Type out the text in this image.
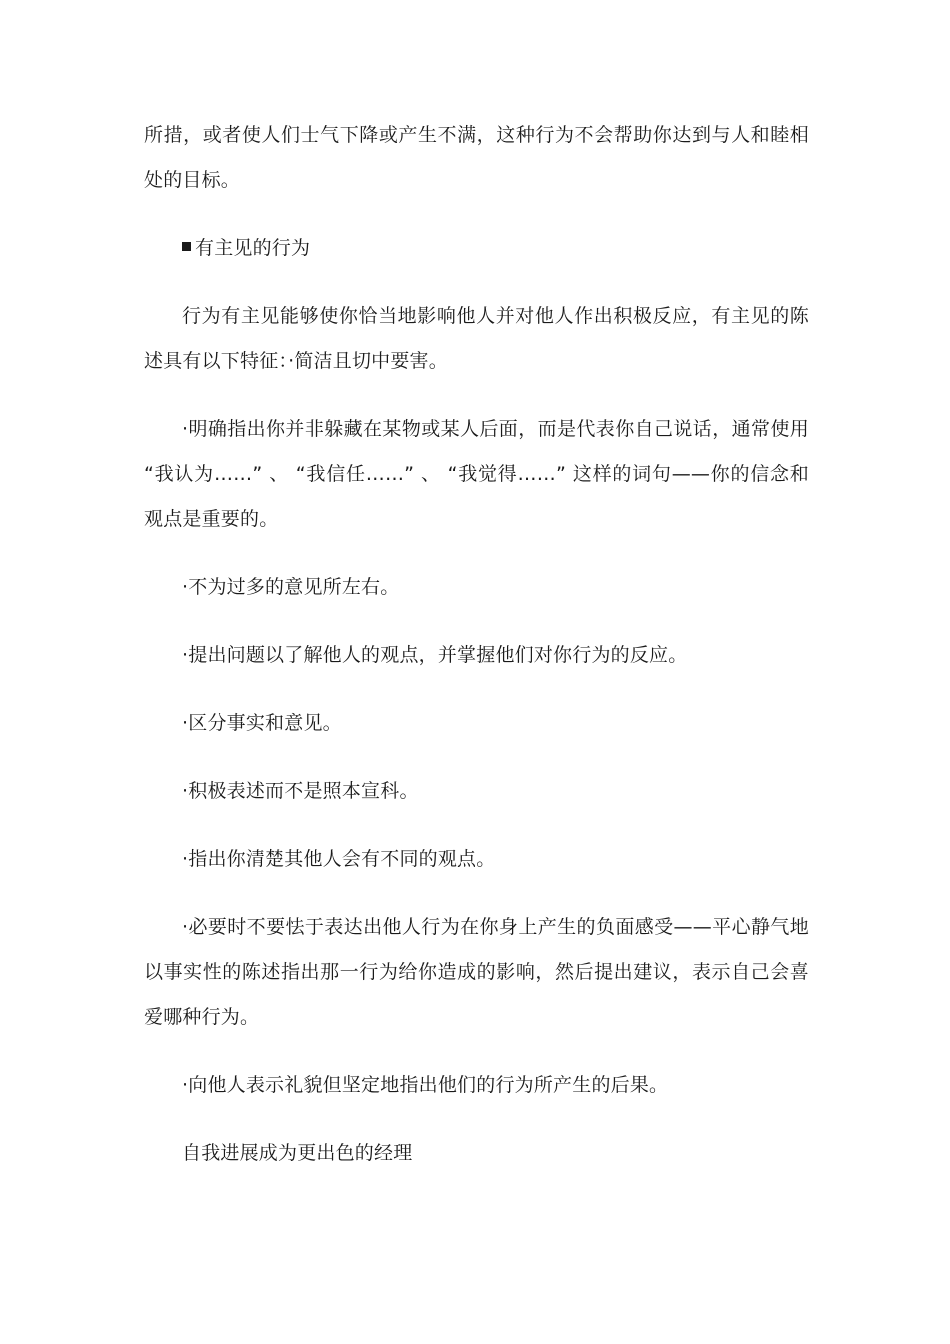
所措，或者使人们士气下降或产生不满，这种行为不会帮助你达到与人和睦相处的目标。

有主见的行为

行为有主见能够使你恰当地影响他人并对他人作出积极反应，有主见的陈述具有以下特征：·简洁且切中要害。

·明确指出你并非躲藏在某物或某人后面，而是代表你自己说话，通常使用 “我认为……” 、 “我信任……” 、 “我觉得……” 这样的词句——你的信念和观点是重要的。

·不为过多的意见所左右。

·提出问题以了解他人的观点，并掌握他们对你行为的反应。

·区分事实和意见。

·积极表述而不是照本宣科。

·指出你清楚其他人会有不同的观点。

·必要时不要怯于表达出他人行为在你身上产生的负面感受——平心静气地以事实性的陈述指出那一行为给你造成的影响，然后提出建议，表示自己会喜爱哪种行为。

·向他人表示礼貌但坚定地指出他们的行为所产生的后果。

自我进展成为更出色的经理
